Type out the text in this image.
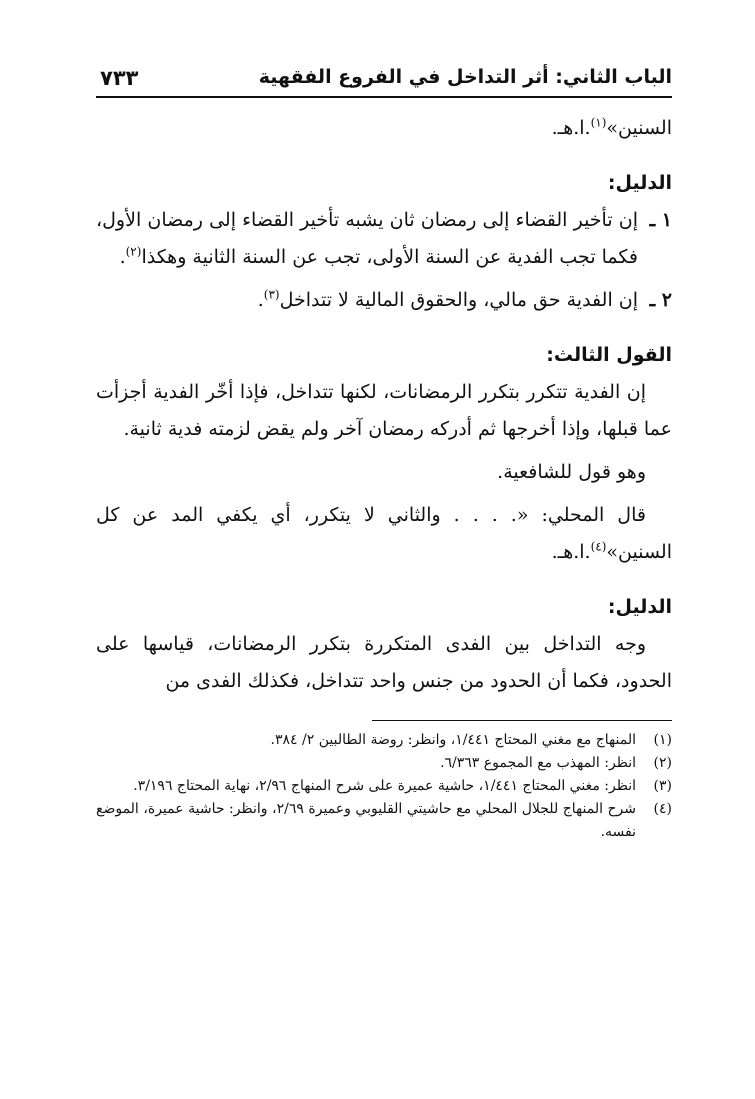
الباب الثاني: أثر التداخل في الفروع الفقهية
٧٣٣

السنين»$^{(١)}$.ا.هـ.

الدليل:

١ ـ
إن تأخير القضاء إلى رمضان ثان يشبه تأخير القضاء إلى رمضان الأول، فكما تجب الفدية عن السنة الأولى، تجب عن السنة الثانية وهكذا$^{(٢)}$.
٢ ـ
إن الفدية حق مالي، والحقوق المالية لا تتداخل$^{(٣)}$.

القول الثالث:

إن الفدية تتكرر بتكرر الرمضانات، لكنها تتداخل، فإذا أخّر الفدية أجزأت عما قبلها، وإذا أخرجها ثم أدركه رمضان آخر ولم يقض لزمته فدية ثانية.

وهو قول للشافعية.

قال المحلي: «. . . . والثاني لا يتكرر، أي يكفي المد عن كل السنين»$^{(٤)}$.ا.هـ.

الدليل:

وجه التداخل بين الفدى المتكررة بتكرر الرمضانات، قياسها على الحدود، فكما أن الحدود من جنس واحد تتداخل، فكذلك الفدى من

(١)
المنهاج مع مغني المحتاج ١/٤٤١، وانظر: روضة الطالبين ٢/ ٣٨٤.
(٢)
انظر: المهذب مع المجموع ٦/٣٦٣.
(٣)
انظر: مغني المحتاج ١/٤٤١، حاشية عميرة على شرح المنهاج ٢/٩٦، نهاية المحتاج ٣/١٩٦.
(٤)
شرح المنهاج للجلال المحلي مع حاشيتي القليوبي وعميرة ٢/٦٩، وانظر: حاشية عميرة، الموضع نفسه.
